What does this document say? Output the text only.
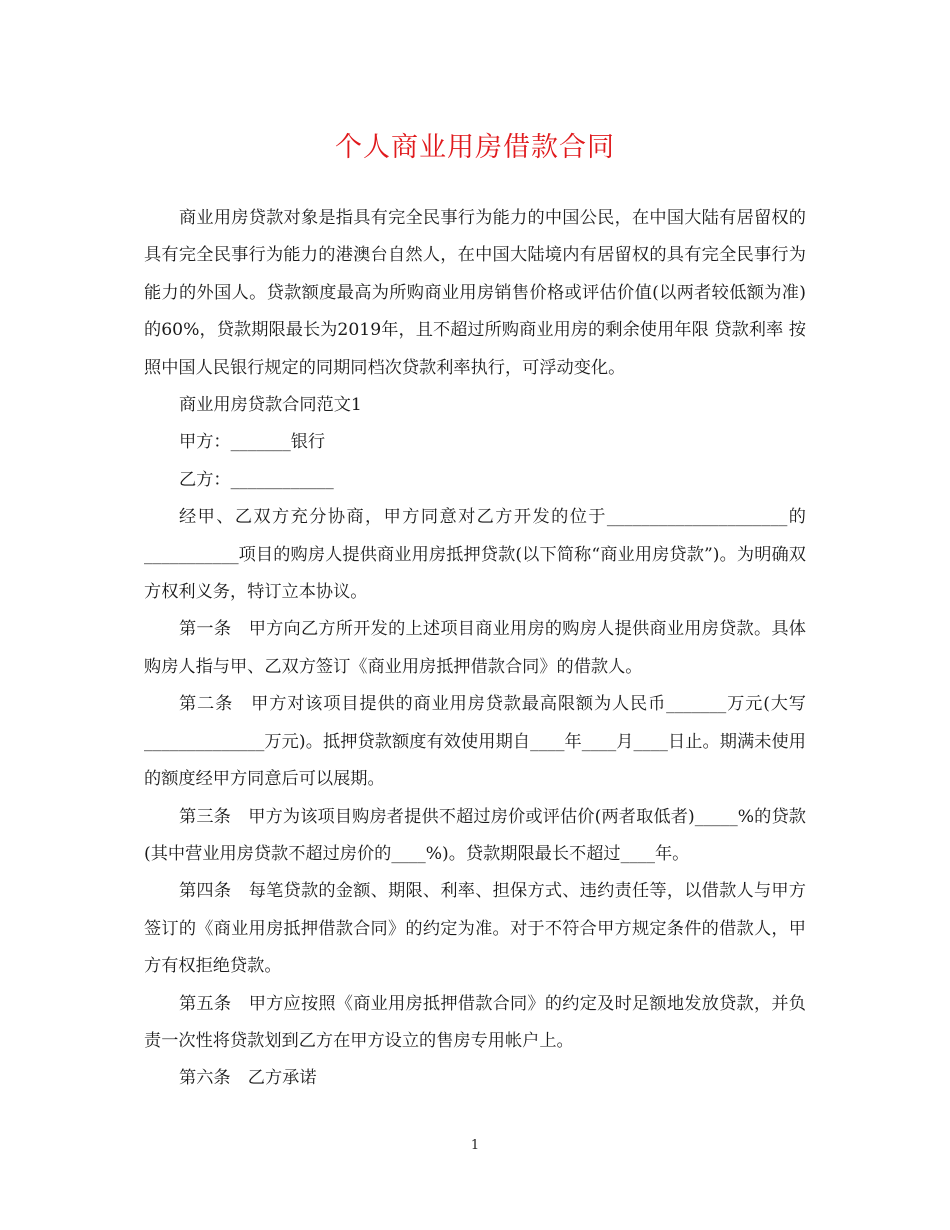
个人商业用房借款合同

商业用房贷款对象是指具有完全民事行为能力的中国公民，在中国大陆有居留权的具有完全民事行为能力的港澳台自然人，在中国大陆境内有居留权的具有完全民事行为能力的外国人。贷款额度最高为所购商业用房销售价格或评估价值(以两者较低额为准)的60%，贷款期限最长为2019年，且不超过所购商业用房的剩余使用年限 贷款利率 按照中国人民银行规定的同期同档次贷款利率执行，可浮动变化。

商业用房贷款合同范文1

甲方：_______银行

乙方：____________

经甲、乙双方充分协商，甲方同意对乙方开发的位于_____________________的___________项目的购房人提供商业用房抵押贷款(以下简称“商业用房贷款”)。为明确双方权利义务，特订立本协议。

第一条　甲方向乙方所开发的上述项目商业用房的购房人提供商业用房贷款。具体购房人指与甲、乙双方签订《商业用房抵押借款合同》的借款人。

第二条　甲方对该项目提供的商业用房贷款最高限额为人民币_______万元(大写______________万元)。抵押贷款额度有效使用期自____年____月____日止。期满未使用的额度经甲方同意后可以展期。

第三条　甲方为该项目购房者提供不超过房价或评估价(两者取低者)_____%的贷款(其中营业用房贷款不超过房价的____%)。贷款期限最长不超过____年。

第四条　每笔贷款的金额、期限、利率、担保方式、违约责任等，以借款人与甲方签订的《商业用房抵押借款合同》的约定为准。对于不符合甲方规定条件的借款人，甲方有权拒绝贷款。

第五条　甲方应按照《商业用房抵押借款合同》的约定及时足额地发放贷款，并负责一次性将贷款划到乙方在甲方设立的售房专用帐户上。

第六条　乙方承诺

1
